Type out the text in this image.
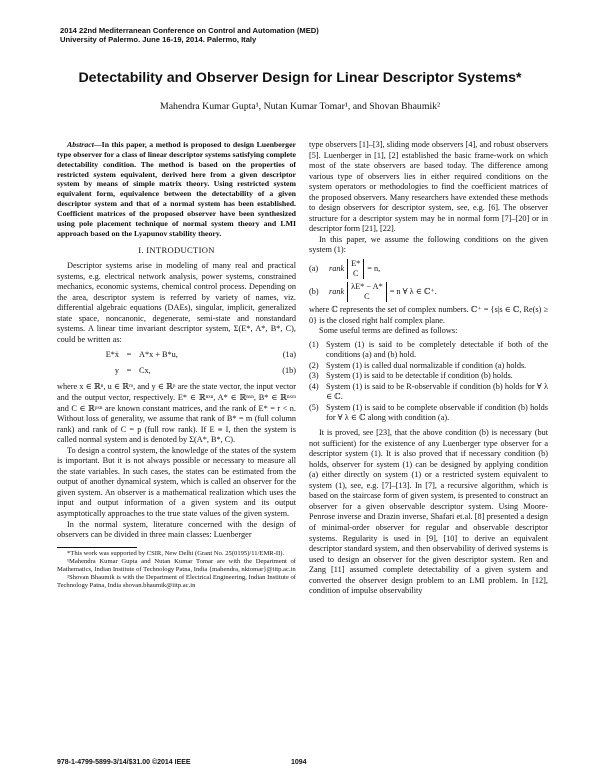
2014 22nd Mediterranean Conference on Control and Automation (MED)
University of Palermo. June 16-19, 2014. Palermo, Italy
Detectability and Observer Design for Linear Descriptor Systems*
Mahendra Kumar Gupta¹, Nutan Kumar Tomar¹, and Shovan Bhaumik²

Abstract—In this paper, a method is proposed to design Luenberger type observer for a class of linear descriptor systems satisfying complete detectability condition. The method is based on the properties of restricted system equivalent, derived here from a given descriptor system by means of simple matrix theory. Using restricted system equivalent form, equivalence between the detectability of a given descriptor system and that of a normal system has been established. Coefficient matrices of the proposed observer have been synthesized using pole placement technique of normal system theory and LMI approach based on the Lyapunov stability theory.

I. INTRODUCTION

Descriptor systems arise in modeling of many real and practical systems, e.g. electrical network analysis, power systems, constrained mechanics, economic systems, chemical control process. Depending on the area, descriptor system is referred by variety of names, viz. differential algebraic equations (DAEs), singular, implicit, generalized state space, noncanonic, degenerate, semi-state and nonstandard systems. A linear time invariant descriptor system, Σ(E*, A*, B*, C), could be written as:

E*ẋ = A*x + B*u,	(1a)
y = Cx,	(1b)

where x ∈ ℝⁿ, u ∈ ℝᵐ, and y ∈ ℝᵖ are the state vector, the input vector and the output vector, respectively. E* ∈ ℝⁿˣⁿ, A* ∈ ℝⁿˣⁿ, B* ∈ ℝⁿˣᵐ and C ∈ ℝᵖˣⁿ are known constant matrices, and the rank of E* = r < n. Without loss of generality, we assume that rank of B* = m (full column rank) and rank of C = p (full row rank). If E ≡ I, then the system is called normal system and is denoted by Σ(A*, B*, C).

To design a control system, the knowledge of the states of the system is important. But it is not always possible or necessary to measure all the state variables. In such cases, the states can be estimated from the output of another dynamical system, which is called an observer for the given system. An observer is a mathematical realization which uses the input and output information of a given system and its output asymptotically approaches to the true state values of the given system.

In the normal system, literature concerned with the design of observers can be divided in three main classes: Luenberger

*This work was supported by CSIR, New Delhi (Grant No. 25(0195)/11/EMR-II).

¹Mahendra Kumar Gupta and Nutan Kumar Tomar are with the Department of Mathematics, Indian Institute of Technology Patna, India {mahendra, nktomar}@iitp.ac.in

²Shovan Bhaumik is with the Department of Electrical Engineering, Indian Institute of Technology Patna, India shovan.bhaumik@iitp.ac.in

type observers [1]–[3], sliding mode observers [4], and robust observers [5]. Luenberger in [1], [2] established the basic frame-work on which most of the state observers are based today. The difference among various type of observers lies in either required conditions on the system operators or methodologies to find the coefficient matrices of the proposed observers. Many researchers have extended these methods to design observers for descriptor system, see, e.g. [6]. The observer structure for a descriptor system may be in normal form [7]–[20] or in descriptor form [21], [22].

In this paper, we assume the following conditions on the given system (1):

(a)	rank
E*
C
= n,
(b)	rank
λE* − A*
C
= n ∀ λ ∈ ℂ⁺.

where ℂ represents the set of complex numbers. ℂ⁺ = {s|s ∈ ℂ, Re(s) ≥ 0} is the closed right half complex plane.

Some useful terms are defined as follows:

(1) System (1) is said to be completely detectable if both of the conditions (a) and (b) hold.
(2) System (1) is called dual normalizable if condition (a) holds.
(3) System (1) is said to be detectable if condition (b) holds.
(4) System (1) is said to be R-observable if condition (b) holds for ∀ λ ∈ ℂ.
(5) System (1) is said to be complete observable if condition (b) holds for ∀ λ ∈ ℂ along with condition (a).

It is proved, see [23], that the above condition (b) is necessary (but not sufficient) for the existence of any Luenberger type observer for a descriptor system (1). It is also proved that if necessary condition (b) holds, observer for system (1) can be designed by applying condition (a) either directly on system (1) or a restricted system equivalent to system (1), see, e.g. [7]–[13]. In [7], a recursive algorithm, which is based on the staircase form of given system, is presented to construct an observer for a given observable descriptor system. Using Moore-Penrose inverse and Drazin inverse, Shafari et.al. [8] presented a design of minimal-order observer for regular and observable descriptor systems. Regularity is used in [9], [10] to derive an equivalent descriptor standard system, and then observability of derived systems is used to design an observer for the given descriptor system. Ren and Zang [11] assumed complete detectability of a given system and converted the observer design problem to an LMI problem. In [12], condition of impulse observability

978-1-4799-5899-3/14/$31.00 ©2014 IEEE	1094
